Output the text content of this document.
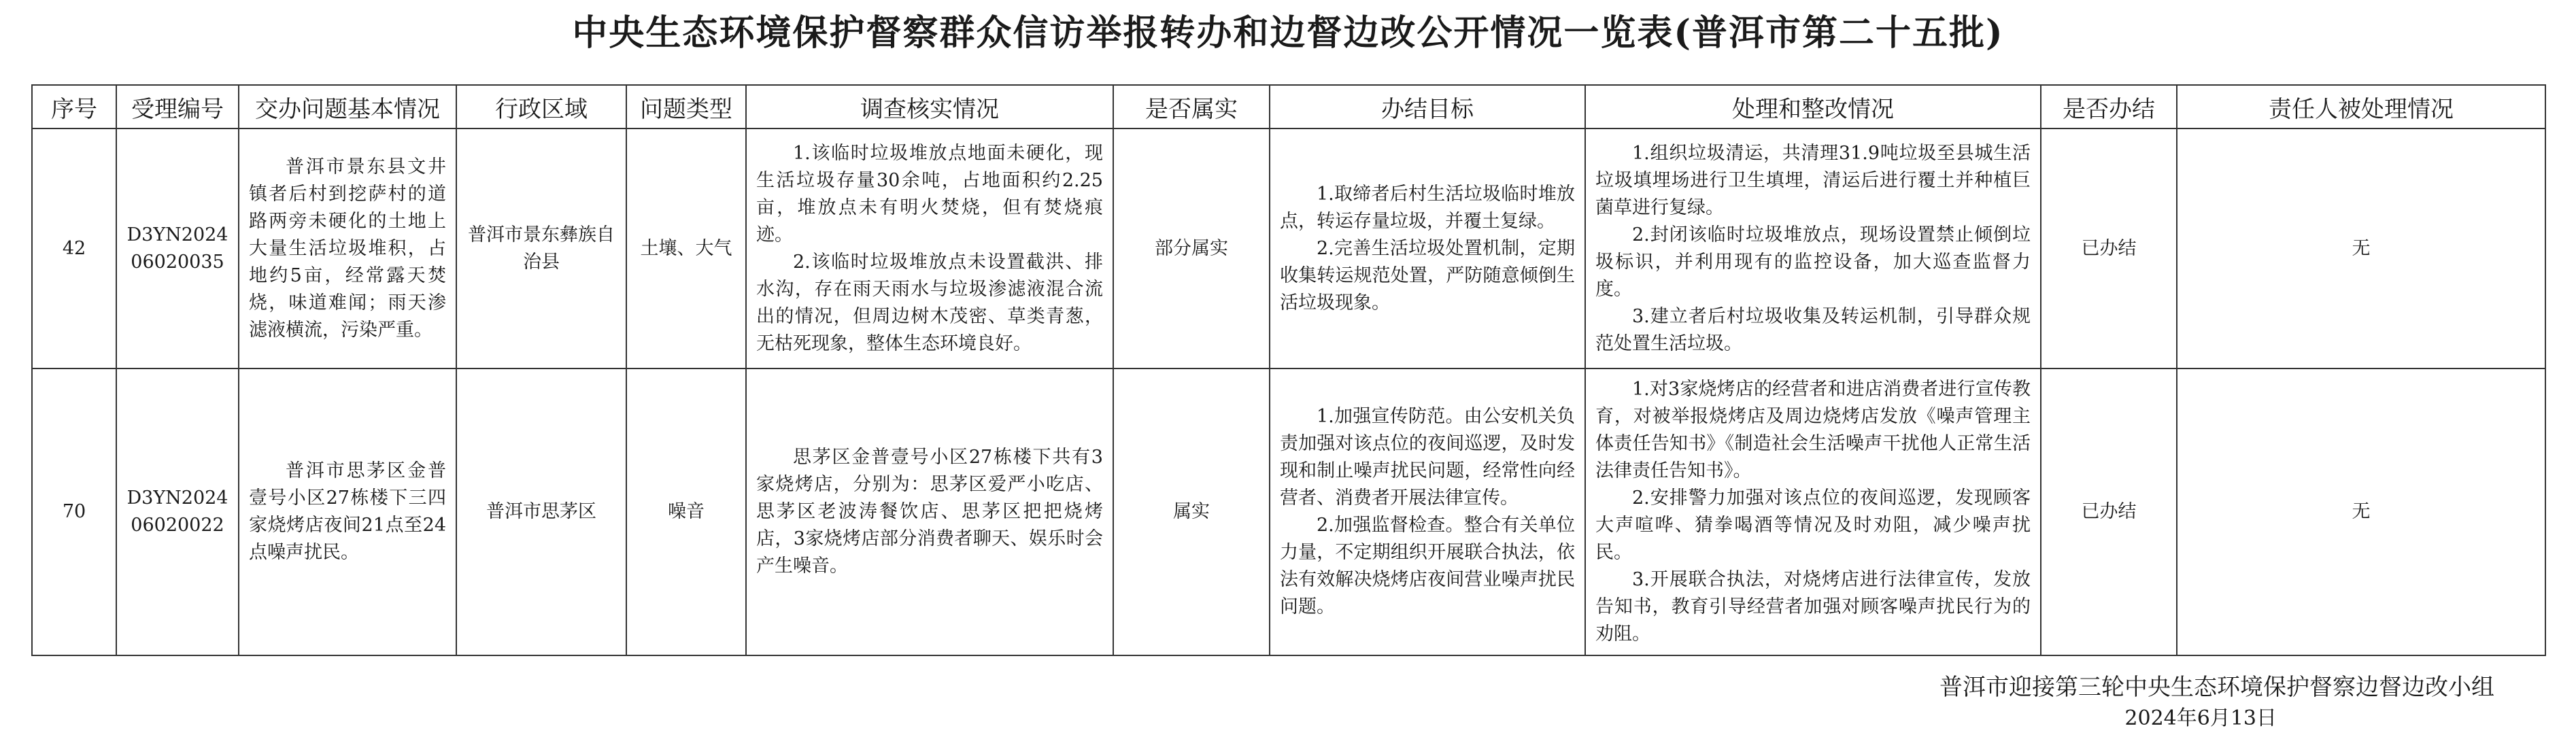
中央生态环境保护督察群众信访举报转办和边督边改公开情况一览表(普洱市第二十五批)
序号	受理编号	交办问题基本情况	行政区域	问题类型	调查核实情况	是否属实	办结目标	处理和整改情况	是否办结	责任人被处理情况
42	D3YN2024 06020035	普洱市景东县文井镇者后村到挖萨村的道路两旁未硬化的土地上大量生活垃圾堆积，占地约5亩，经常露天焚烧，味道难闻；雨天渗滤液横流，污染严重。	普洱市景东彝族自治县	土壤、大气	1.该临时垃圾堆放点地面未硬化，现生活垃圾存量30余吨，占地面积约2.25亩，堆放点未有明火焚烧，但有焚烧痕迹。
2.该临时垃圾堆放点未设置截洪、排水沟，存在雨天雨水与垃圾渗滤液混合流出的情况，但周边树木茂密、草类青葱，无枯死现象，整体生态环境良好。	部分属实	1.取缔者后村生活垃圾临时堆放点，转运存量垃圾，并覆土复绿。
2.完善生活垃圾处置机制，定期收集转运规范处置，严防随意倾倒生活垃圾现象。	1.组织垃圾清运，共清理31.9吨垃圾至县城生活垃圾填埋场进行卫生填埋，清运后进行覆土并种植巨菌草进行复绿。
2.封闭该临时垃圾堆放点，现场设置禁止倾倒垃圾标识，并利用现有的监控设备，加大巡查监督力度。
3.建立者后村垃圾收集及转运机制，引导群众规范处置生活垃圾。	已办结	无
70	D3YN2024 06020022	普洱市思茅区金普壹号小区27栋楼下三四家烧烤店夜间21点至24点噪声扰民。	普洱市思茅区	噪音	思茅区金普壹号小区27栋楼下共有3家烧烤店，分别为：思茅区爱严小吃店、思茅区老波涛餐饮店、思茅区把把烧烤店，3家烧烤店部分消费者聊天、娱乐时会产生噪音。	属实	1.加强宣传防范。由公安机关负责加强对该点位的夜间巡逻，及时发现和制止噪声扰民问题，经常性向经营者、消费者开展法律宣传。
2.加强监督检查。整合有关单位力量，不定期组织开展联合执法，依法有效解决烧烤店夜间营业噪声扰民问题。	1.对3家烧烤店的经营者和进店消费者进行宣传教育，对被举报烧烤店及周边烧烤店发放《噪声管理主体责任告知书》《制造社会生活噪声干扰他人正常生活法律责任告知书》。
2.安排警力加强对该点位的夜间巡逻，发现顾客大声喧哗、猜拳喝酒等情况及时劝阻，减少噪声扰民。
3.开展联合执法，对烧烤店进行法律宣传，发放告知书，教育引导经营者加强对顾客噪声扰民行为的劝阻。	已办结	无
普洱市迎接第三轮中央生态环境保护督察边督边改小组
2024年6月13日
